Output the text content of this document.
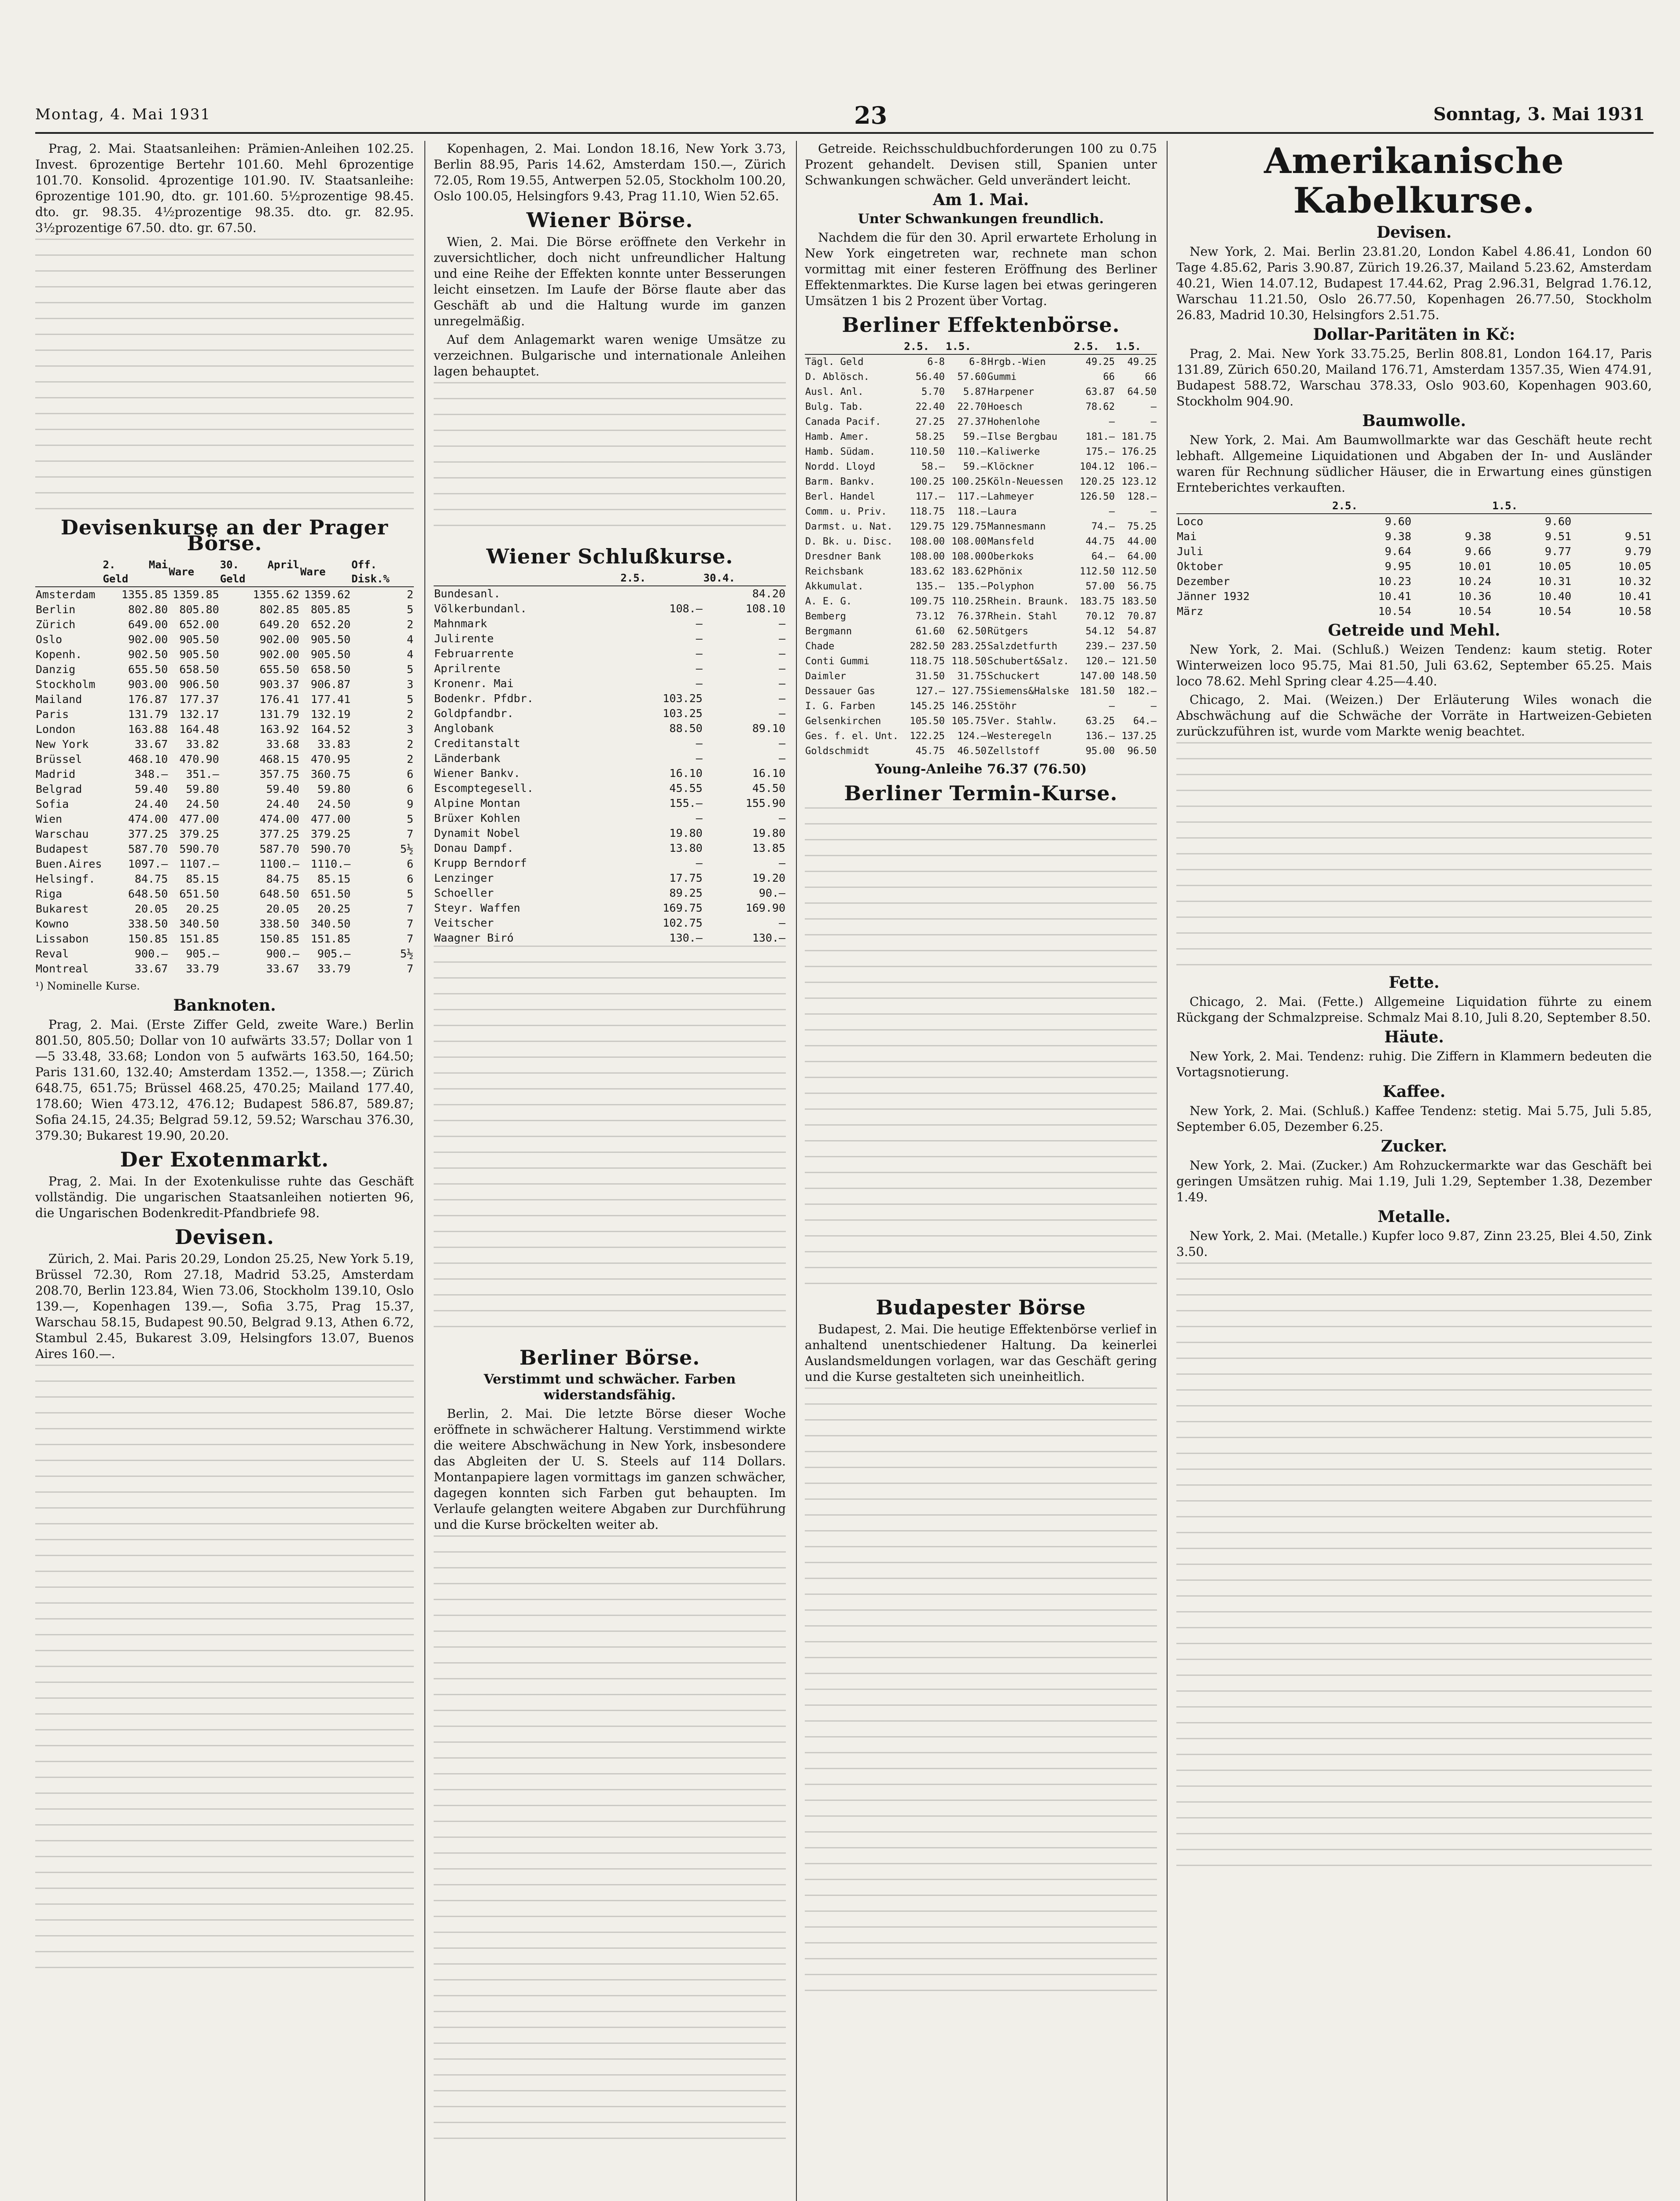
Montag, 4. Mai 1931	23	Sonntag, 3. Mai 1931

Prag, 2. Mai. Staatsanleihen: Prämien-Anleihen 102.25. Invest. 6prozentige Bertehr 101.60. Mehl 6prozentige 101.70. Konsolid. 4prozentige 101.90. IV. Staatsanleihe: 6prozentige 101.90, dto. gr. 101.60. 5½prozentige 98.45. dto. gr. 98.35. 4½prozentige 98.35. dto. gr. 82.95. 3½prozentige 67.50. dto. gr. 67.50.

Devisenkurse an der Prager Börse.
	2. Mai Geld	Ware	30. April Geld	Ware	Off. Disk.%
Amsterdam	1355.85	1359.85	1355.62	1359.62	2
Berlin	802.80	805.80	802.85	805.85	5
Zürich	649.00	652.00	649.20	652.20	2
Oslo	902.00	905.50	902.00	905.50	4
Kopenh.	902.50	905.50	902.00	905.50	4
Danzig	655.50	658.50	655.50	658.50	5
Stockholm	903.00	906.50	903.37	906.87	3
Mailand	176.87	177.37	176.41	177.41	5
Paris	131.79	132.17	131.79	132.19	2
London	163.88	164.48	163.92	164.52	3
New York	33.67	33.82	33.68	33.83	2
Brüssel	468.10	470.90	468.15	470.95	2
Madrid	348.—	351.—	357.75	360.75	6
Belgrad	59.40	59.80	59.40	59.80	6
Sofia	24.40	24.50	24.40	24.50	9
Wien	474.00	477.00	474.00	477.00	5
Warschau	377.25	379.25	377.25	379.25	7
Budapest	587.70	590.70	587.70	590.70	5½
Buen.Aires	1097.—	1107.—	1100.—	1110.—	6
Helsingf.	84.75	85.15	84.75	85.15	6
Riga	648.50	651.50	648.50	651.50	5
Bukarest	20.05	20.25	20.05	20.25	7
Kowno	338.50	340.50	338.50	340.50	7
Lissabon	150.85	151.85	150.85	151.85	7
Reval	900.—	905.—	900.—	905.—	5½
Montreal	33.67	33.79	33.67	33.79	7
¹) Nominelle Kurse.
Banknoten.

Prag, 2. Mai. (Erste Ziffer Geld, zweite Ware.) Berlin 801.50, 805.50; Dollar von 10 aufwärts 33.57; Dollar von 1—5 33.48, 33.68; London von 5 aufwärts 163.50, 164.50; Paris 131.60, 132.40; Amsterdam 1352.—, 1358.—; Zürich 648.75, 651.75; Brüssel 468.25, 470.25; Mailand 177.40, 178.60; Wien 473.12, 476.12; Budapest 586.87, 589.87; Sofia 24.15, 24.35; Belgrad 59.12, 59.52; Warschau 376.30, 379.30; Bukarest 19.90, 20.20.

Der Exotenmarkt.

Prag, 2. Mai. In der Exotenkulisse ruhte das Geschäft vollständig. Die ungarischen Staatsanleihen notierten 96, die Ungarischen Bodenkredit-Pfandbriefe 98.

Devisen.

Zürich, 2. Mai. Paris 20.29, London 25.25, New York 5.19, Brüssel 72.30, Rom 27.18, Madrid 53.25, Amsterdam 208.70, Berlin 123.84, Wien 73.06, Stockholm 139.10, Oslo 139.—, Kopenhagen 139.—, Sofia 3.75, Prag 15.37, Warschau 58.15, Budapest 90.50, Belgrad 9.13, Athen 6.72, Stambul 2.45, Bukarest 3.09, Helsingfors 13.07, Buenos Aires 160.—.

Kopenhagen, 2. Mai. London 18.16, New York 3.73, Berlin 88.95, Paris 14.62, Amsterdam 150.—, Zürich 72.05, Rom 19.55, Antwerpen 52.05, Stockholm 100.20, Oslo 100.05, Helsingfors 9.43, Prag 11.10, Wien 52.65.

Wiener Börse.

Wien, 2. Mai. Die Börse eröffnete den Verkehr in zuversichtlicher, doch nicht unfreundlicher Haltung und eine Reihe der Effekten konnte unter Besserungen leicht einsetzen. Im Laufe der Börse flaute aber das Geschäft ab und die Haltung wurde im ganzen unregelmäßig.

Auf dem Anlagemarkt waren wenige Umsätze zu verzeichnen. Bulgarische und internationale Anleihen lagen behauptet.

Wiener Schlußkurse.
	2.5.	30.4.
Bundesanl.		84.20
Völkerbundanl.	108.—	108.10
Mahnmark	—	—
Julirente	—	—
Februarrente	—	—
Aprilrente	—	—
Kronenr. Mai	—	—
Bodenkr. Pfdbr.	103.25	—
Goldpfandbr.	103.25	—
Anglobank	88.50	89.10
Creditanstalt	—	—
Länderbank	—	—
Wiener Bankv.	16.10	16.10
Escomptegesell.	45.55	45.50
Alpine Montan	155.—	155.90
Brüxer Kohlen	—	—
Dynamit Nobel	19.80	19.80
Donau Dampf.	13.80	13.85
Krupp Berndorf	—	—
Lenzinger	17.75	19.20
Schoeller	89.25	90.—
Steyr. Waffen	169.75	169.90
Veitscher	102.75	—
Waagner Biró	130.—	130.—
Berliner Börse.
Verstimmt und schwächer. Farben widerstandsfähig.

Berlin, 2. Mai. Die letzte Börse dieser Woche eröffnete in schwächerer Haltung. Verstimmend wirkte die weitere Abschwächung in New York, insbesondere das Abgleiten der U. S. Steels auf 114 Dollars. Montanpapiere lagen vormittags im ganzen schwächer, dagegen konnten sich Farben gut behaupten. Im Verlaufe gelangten weitere Abgaben zur Durchführung und die Kurse bröckelten weiter ab.

Getreide. Reichsschuldbuchforderungen 100 zu 0.75 Prozent gehandelt. Devisen still, Spanien unter Schwankungen schwächer. Geld unverändert leicht.

Am 1. Mai.
Unter Schwankungen freundlich.

Nachdem die für den 30. April erwartete Erholung in New York eingetreten war, rechnete man schon vormittag mit einer festeren Eröffnung des Berliner Effektenmarktes. Die Kurse lagen bei etwas geringeren Umsätzen 1 bis 2 Prozent über Vortag.

Berliner Effektenbörse.
	2.5.	1.5.		2.5.	1.5.
Tägl. Geld	6-8	6-8	Hrgb.-Wien	49.25	49.25
D. Ablösch.	56.40	57.60	Gummi	66	66
Ausl. Anl.	5.70	5.87	Harpener	63.87	64.50
Bulg. Tab.	22.40	22.70	Hoesch	78.62	—
Canada Pacif.	27.25	27.37	Hohenlohe	—	—
Hamb. Amer.	58.25	59.—	Ilse Bergbau	181.—	181.75
Hamb. Südam.	110.50	110.—	Kaliwerke	175.—	176.25
Nordd. Lloyd	58.—	59.—	Klöckner	104.12	106.—
Barm. Bankv.	100.25	100.25	Köln-Neuessen	120.25	123.12
Berl. Handel	117.—	117.—	Lahmeyer	126.50	128.—
Comm. u. Priv.	118.75	118.—	Laura	—	—
Darmst. u. Nat.	129.75	129.75	Mannesmann	74.—	75.25
D. Bk. u. Disc.	108.00	108.00	Mansfeld	44.75	44.00
Dresdner Bank	108.00	108.00	Oberkoks	64.—	64.00
Reichsbank	183.62	183.62	Phönix	112.50	112.50
Akkumulat.	135.—	135.—	Polyphon	57.00	56.75
A. E. G.	109.75	110.25	Rhein. Braunk.	183.75	183.50
Bemberg	73.12	76.37	Rhein. Stahl	70.12	70.87
Bergmann	61.60	62.50	Rütgers	54.12	54.87
Chade	282.50	283.25	Salzdetfurth	239.—	237.50
Conti Gummi	118.75	118.50	Schubert&Salz.	120.—	121.50
Daimler	31.50	31.75	Schuckert	147.00	148.50
Dessauer Gas	127.—	127.75	Siemens&Halske	181.50	182.—
I. G. Farben	145.25	146.25	Stöhr	—	—
Gelsenkirchen	105.50	105.75	Ver. Stahlw.	63.25	64.—
Ges. f. el. Unt.	122.25	124.—	Westeregeln	136.—	137.25
Goldschmidt	45.75	46.50	Zellstoff	95.00	96.50
Young-Anleihe 76.37 (76.50)
Berliner Termin-Kurse.
Budapester Börse

Budapest, 2. Mai. Die heutige Effektenbörse verlief in anhaltend unentschiedener Haltung. Da keinerlei Auslandsmeldungen vorlagen, war das Geschäft gering und die Kurse gestalteten sich uneinheitlich.

Amerikanische Kabelkurse.
Devisen.

New York, 2. Mai. Berlin 23.81.20, London Kabel 4.86.41, London 60 Tage 4.85.62, Paris 3.90.87, Zürich 19.26.37, Mailand 5.23.62, Amsterdam 40.21, Wien 14.07.12, Budapest 17.44.62, Prag 2.96.31, Belgrad 1.76.12, Warschau 11.21.50, Oslo 26.77.50, Kopenhagen 26.77.50, Stockholm 26.83, Madrid 10.30, Helsingfors 2.51.75.

Dollar-Paritäten in Kč:

Prag, 2. Mai. New York 33.75.25, Berlin 808.81, London 164.17, Paris 131.89, Zürich 650.20, Mailand 176.71, Amsterdam 1357.35, Wien 474.91, Budapest 588.72, Warschau 378.33, Oslo 903.60, Kopenhagen 903.60, Stockholm 904.90.

Baumwolle.

New York, 2. Mai. Am Baumwollmarkte war das Geschäft heute recht lebhaft. Allgemeine Liquidationen und Abgaben der In- und Ausländer waren für Rechnung südlicher Häuser, die in Erwartung eines günstigen Ernteberichtes verkauften.

	2.5.		1.5.	
Loco	9.60		9.60	
Mai	9.38	9.38	9.51	9.51
Juli	9.64	9.66	9.77	9.79
Oktober	9.95	10.01	10.05	10.05
Dezember	10.23	10.24	10.31	10.32
Jänner 1932	10.41	10.36	10.40	10.41
März	10.54	10.54	10.54	10.58
Getreide und Mehl.

New York, 2. Mai. (Schluß.) Weizen Tendenz: kaum stetig. Roter Winterweizen loco 95.75, Mai 81.50, Juli 63.62, September 65.25. Mais loco 78.62. Mehl Spring clear 4.25—4.40.

Chicago, 2. Mai. (Weizen.) Der Erläuterung Wiles wonach die Abschwächung auf die Schwäche der Vorräte in Hartweizen-Gebieten zurückzuführen ist, wurde vom Markte wenig beachtet.

Fette.

Chicago, 2. Mai. (Fette.) Allgemeine Liquidation führte zu einem Rückgang der Schmalzpreise. Schmalz Mai 8.10, Juli 8.20, September 8.50.

Häute.

New York, 2. Mai. Tendenz: ruhig. Die Ziffern in Klammern bedeuten die Vortagsnotierung.

Kaffee.

New York, 2. Mai. (Schluß.) Kaffee Tendenz: stetig. Mai 5.75, Juli 5.85, September 6.05, Dezember 6.25.

Zucker.

New York, 2. Mai. (Zucker.) Am Rohzuckermarkte war das Geschäft bei geringen Umsätzen ruhig. Mai 1.19, Juli 1.29, September 1.38, Dezember 1.49.

Metalle.

New York, 2. Mai. (Metalle.) Kupfer loco 9.87, Zinn 23.25, Blei 4.50, Zink 3.50.
